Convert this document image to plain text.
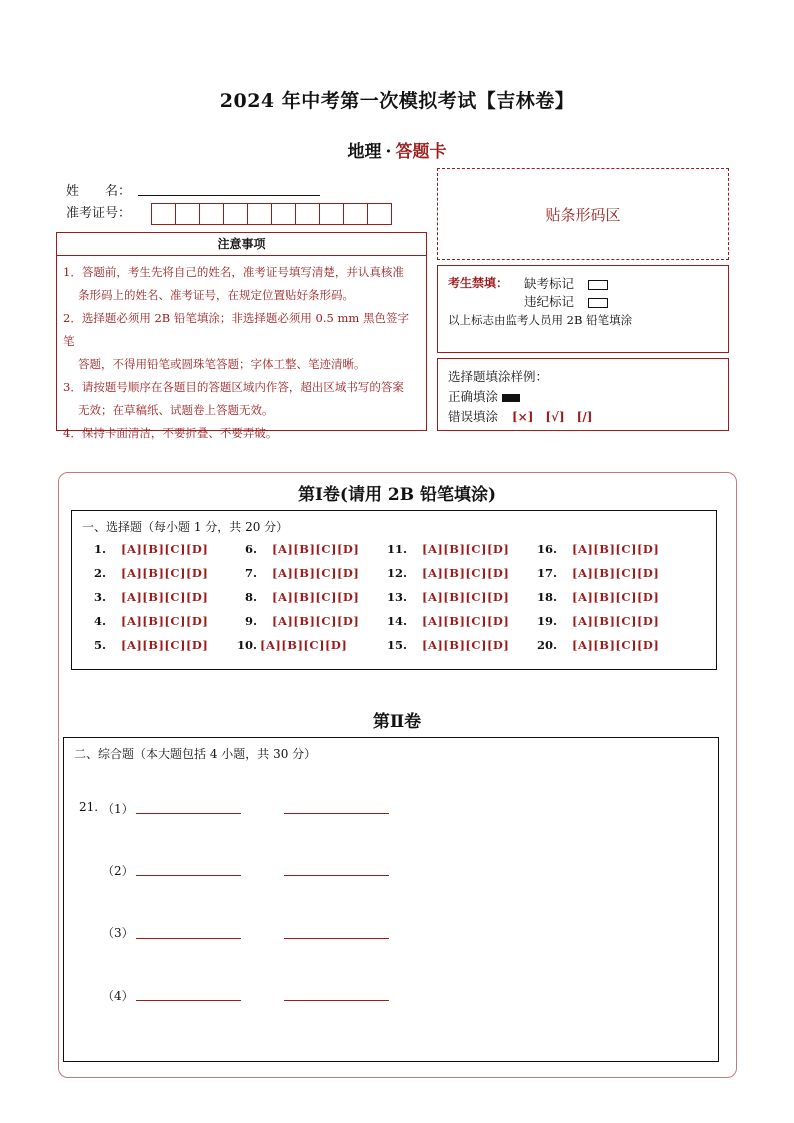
2024 年中考第一次模拟考试【吉林卷】
地理 · 答题卡
姓　　名：
准考证号：
注意事项

1．答题前，考生先将自己的姓名，准考证号填写清楚，并认真核准

条形码上的姓名、准考证号，在规定位置贴好条形码。

2．选择题必须用 2B 铅笔填涂；非选择题必须用 0.5 mm 黑色签字笔

答题，不得用铅笔或圆珠笔答题；字体工整、笔迹清晰。

3．请按题号顺序在各题目的答题区域内作答，超出区域书写的答案

无效；在草稿纸、试题卷上答题无效。

4．保持卡面清洁，不要折叠、不要弄破。

贴条形码区
考生禁填： 缺考标记
违纪标记
以上标志由监考人员用 2B 铅笔填涂
选择题填涂样例：
正确填涂
错误填涂 [×]　[√]　[/]
第Ⅰ卷(请用 2B 铅笔填涂)
一、选择题（每小题 1 分，共 20 分）
1. [A][B][C][D]
2. [A][B][C][D]
3. [A][B][C][D]
4. [A][B][C][D]
5. [A][B][C][D]
6. [A][B][C][D]
7. [A][B][C][D]
8. [A][B][C][D]
9. [A][B][C][D]
10. [A][B][C][D]
11. [A][B][C][D]
12. [A][B][C][D]
13. [A][B][C][D]
14. [A][B][C][D]
15. [A][B][C][D]
16. [A][B][C][D]
17. [A][B][C][D]
18. [A][B][C][D]
19. [A][B][C][D]
20. [A][B][C][D]
第Ⅱ卷
二、综合题（本大题包括 4 小题，共 30 分）
21. （1）
（2）
（3）
（4）
